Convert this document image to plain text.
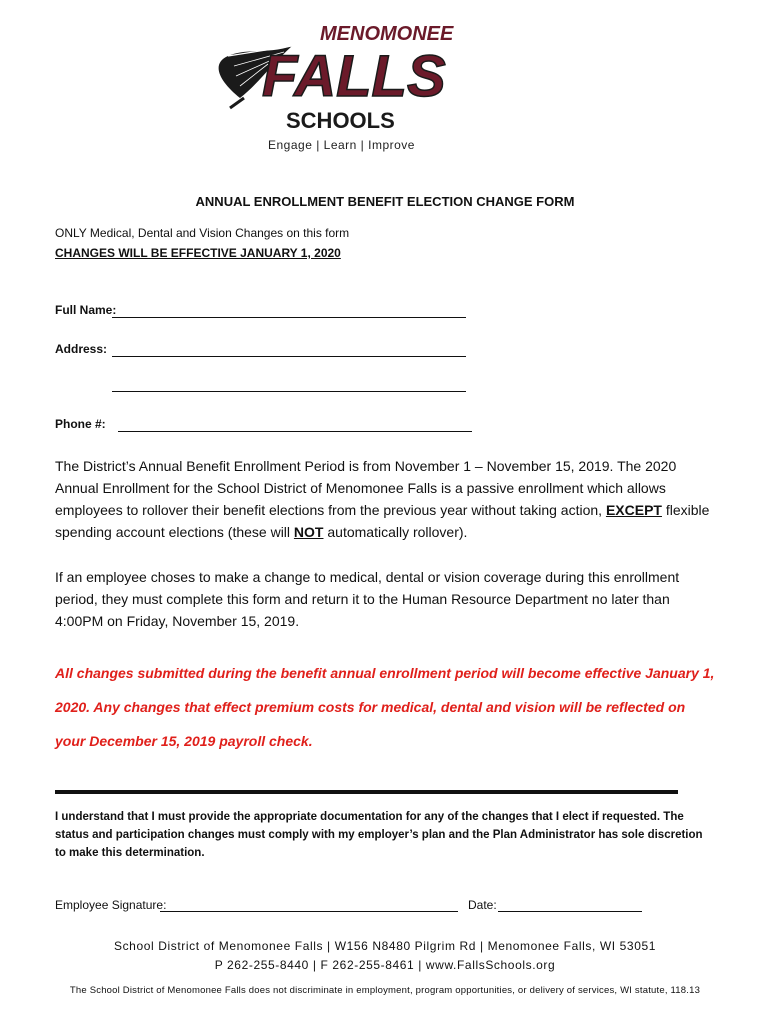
MENOMONEE
FALLS
SCHOOLS
Engage | Learn | Improve
ANNUAL ENROLLMENT BENEFIT ELECTION CHANGE FORM
ONLY Medical, Dental and Vision Changes on this form
CHANGES WILL BE EFFECTIVE JANUARY 1, 2020
Full Name:
Address:
Phone #:
The District’s Annual Benefit Enrollment Period is from November 1 – November 15, 2019. The 2020 Annual Enrollment for the School District of Menomonee Falls is a passive enrollment which allows employees to rollover their benefit elections from the previous year without taking action, EXCEPT flexible spending account elections (these will NOT automatically rollover).
If an employee choses to make a change to medical, dental or vision coverage during this enrollment period, they must complete this form and return it to the Human Resource Department no later than 4:00PM on Friday, November 15, 2019.
All changes submitted during the benefit annual enrollment period will become effective January 1, 2020. Any changes that effect premium costs for medical, dental and vision will be reflected on your December 15, 2019 payroll check.
I understand that I must provide the appropriate documentation for any of the changes that I elect if requested. The status and participation changes must comply with my employer’s plan and the Plan Administrator has sole discretion to make this determination.
Employee Signature:	Date:
School District of Menomonee Falls | W156 N8480 Pilgrim Rd | Menomonee Falls, WI 53051
P 262-255-8440 | F 262-255-8461 | www.FallsSchools.org
The School District of Menomonee Falls does not discriminate in employment, program opportunities, or delivery of services, WI statute, 118.13
